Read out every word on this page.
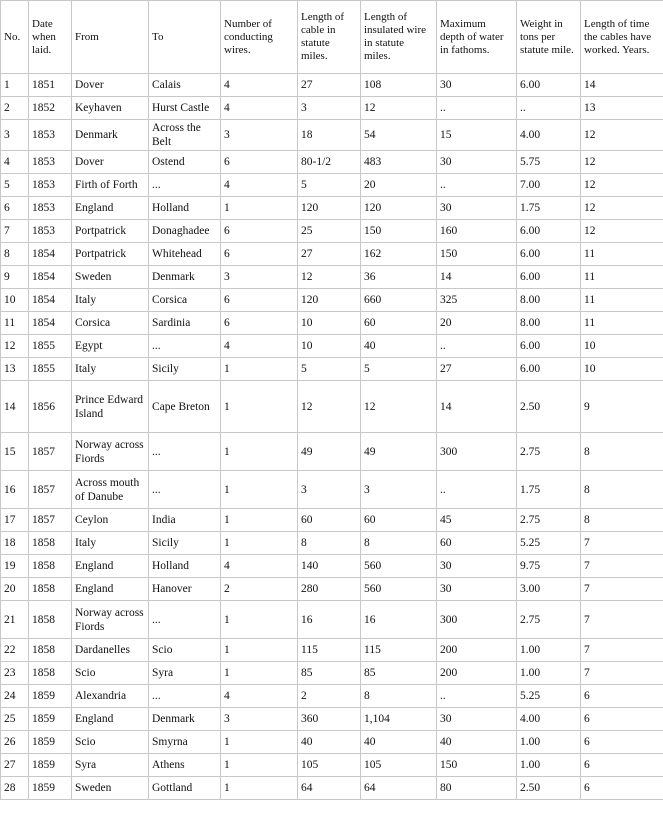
No.	Date when laid.	From	To	Number of conducting wires.	Length of cable in statute miles.	Length of insulated wire in statute miles.	Maximum depth of water in fathoms.	Weight in tons per statute mile.	Length of time the cables have worked. Years.
1	1851	Dover	Calais	4	27	108	30	6.00	14
2	1852	Keyhaven	Hurst Castle	4	3	12	..	..	13
3	1853	Denmark	Across the Belt	3	18	54	15	4.00	12
4	1853	Dover	Ostend	6	80-1/2	483	30	5.75	12
5	1853	Firth of Forth	...	4	5	20	..	7.00	12
6	1853	England	Holland	1	120	120	30	1.75	12
7	1853	Portpatrick	Donaghadee	6	25	150	160	6.00	12
8	1854	Portpatrick	Whitehead	6	27	162	150	6.00	11
9	1854	Sweden	Denmark	3	12	36	14	6.00	11
10	1854	Italy	Corsica	6	120	660	325	8.00	11
11	1854	Corsica	Sardinia	6	10	60	20	8.00	11
12	1855	Egypt	...	4	10	40	..	6.00	10
13	1855	Italy	Sicily	1	5	5	27	6.00	10
14	1856	Prince Edward Island	Cape Breton	1	12	12	14	2.50	9
15	1857	Norway across Fiords	...	1	49	49	300	2.75	8
16	1857	Across mouth of Danube	...	1	3	3	..	1.75	8
17	1857	Ceylon	India	1	60	60	45	2.75	8
18	1858	Italy	Sicily	1	8	8	60	5.25	7
19	1858	England	Holland	4	140	560	30	9.75	7
20	1858	England	Hanover	2	280	560	30	3.00	7
21	1858	Norway across Fiords	...	1	16	16	300	2.75	7
22	1858	Dardanelles	Scio	1	115	115	200	1.00	7
23	1858	Scio	Syra	1	85	85	200	1.00	7
24	1859	Alexandria	...	4	2	8	..	5.25	6
25	1859	England	Denmark	3	360	1,104	30	4.00	6
26	1859	Scio	Smyrna	1	40	40	40	1.00	6
27	1859	Syra	Athens	1	105	105	150	1.00	6
28	1859	Sweden	Gottland	1	64	64	80	2.50	6
